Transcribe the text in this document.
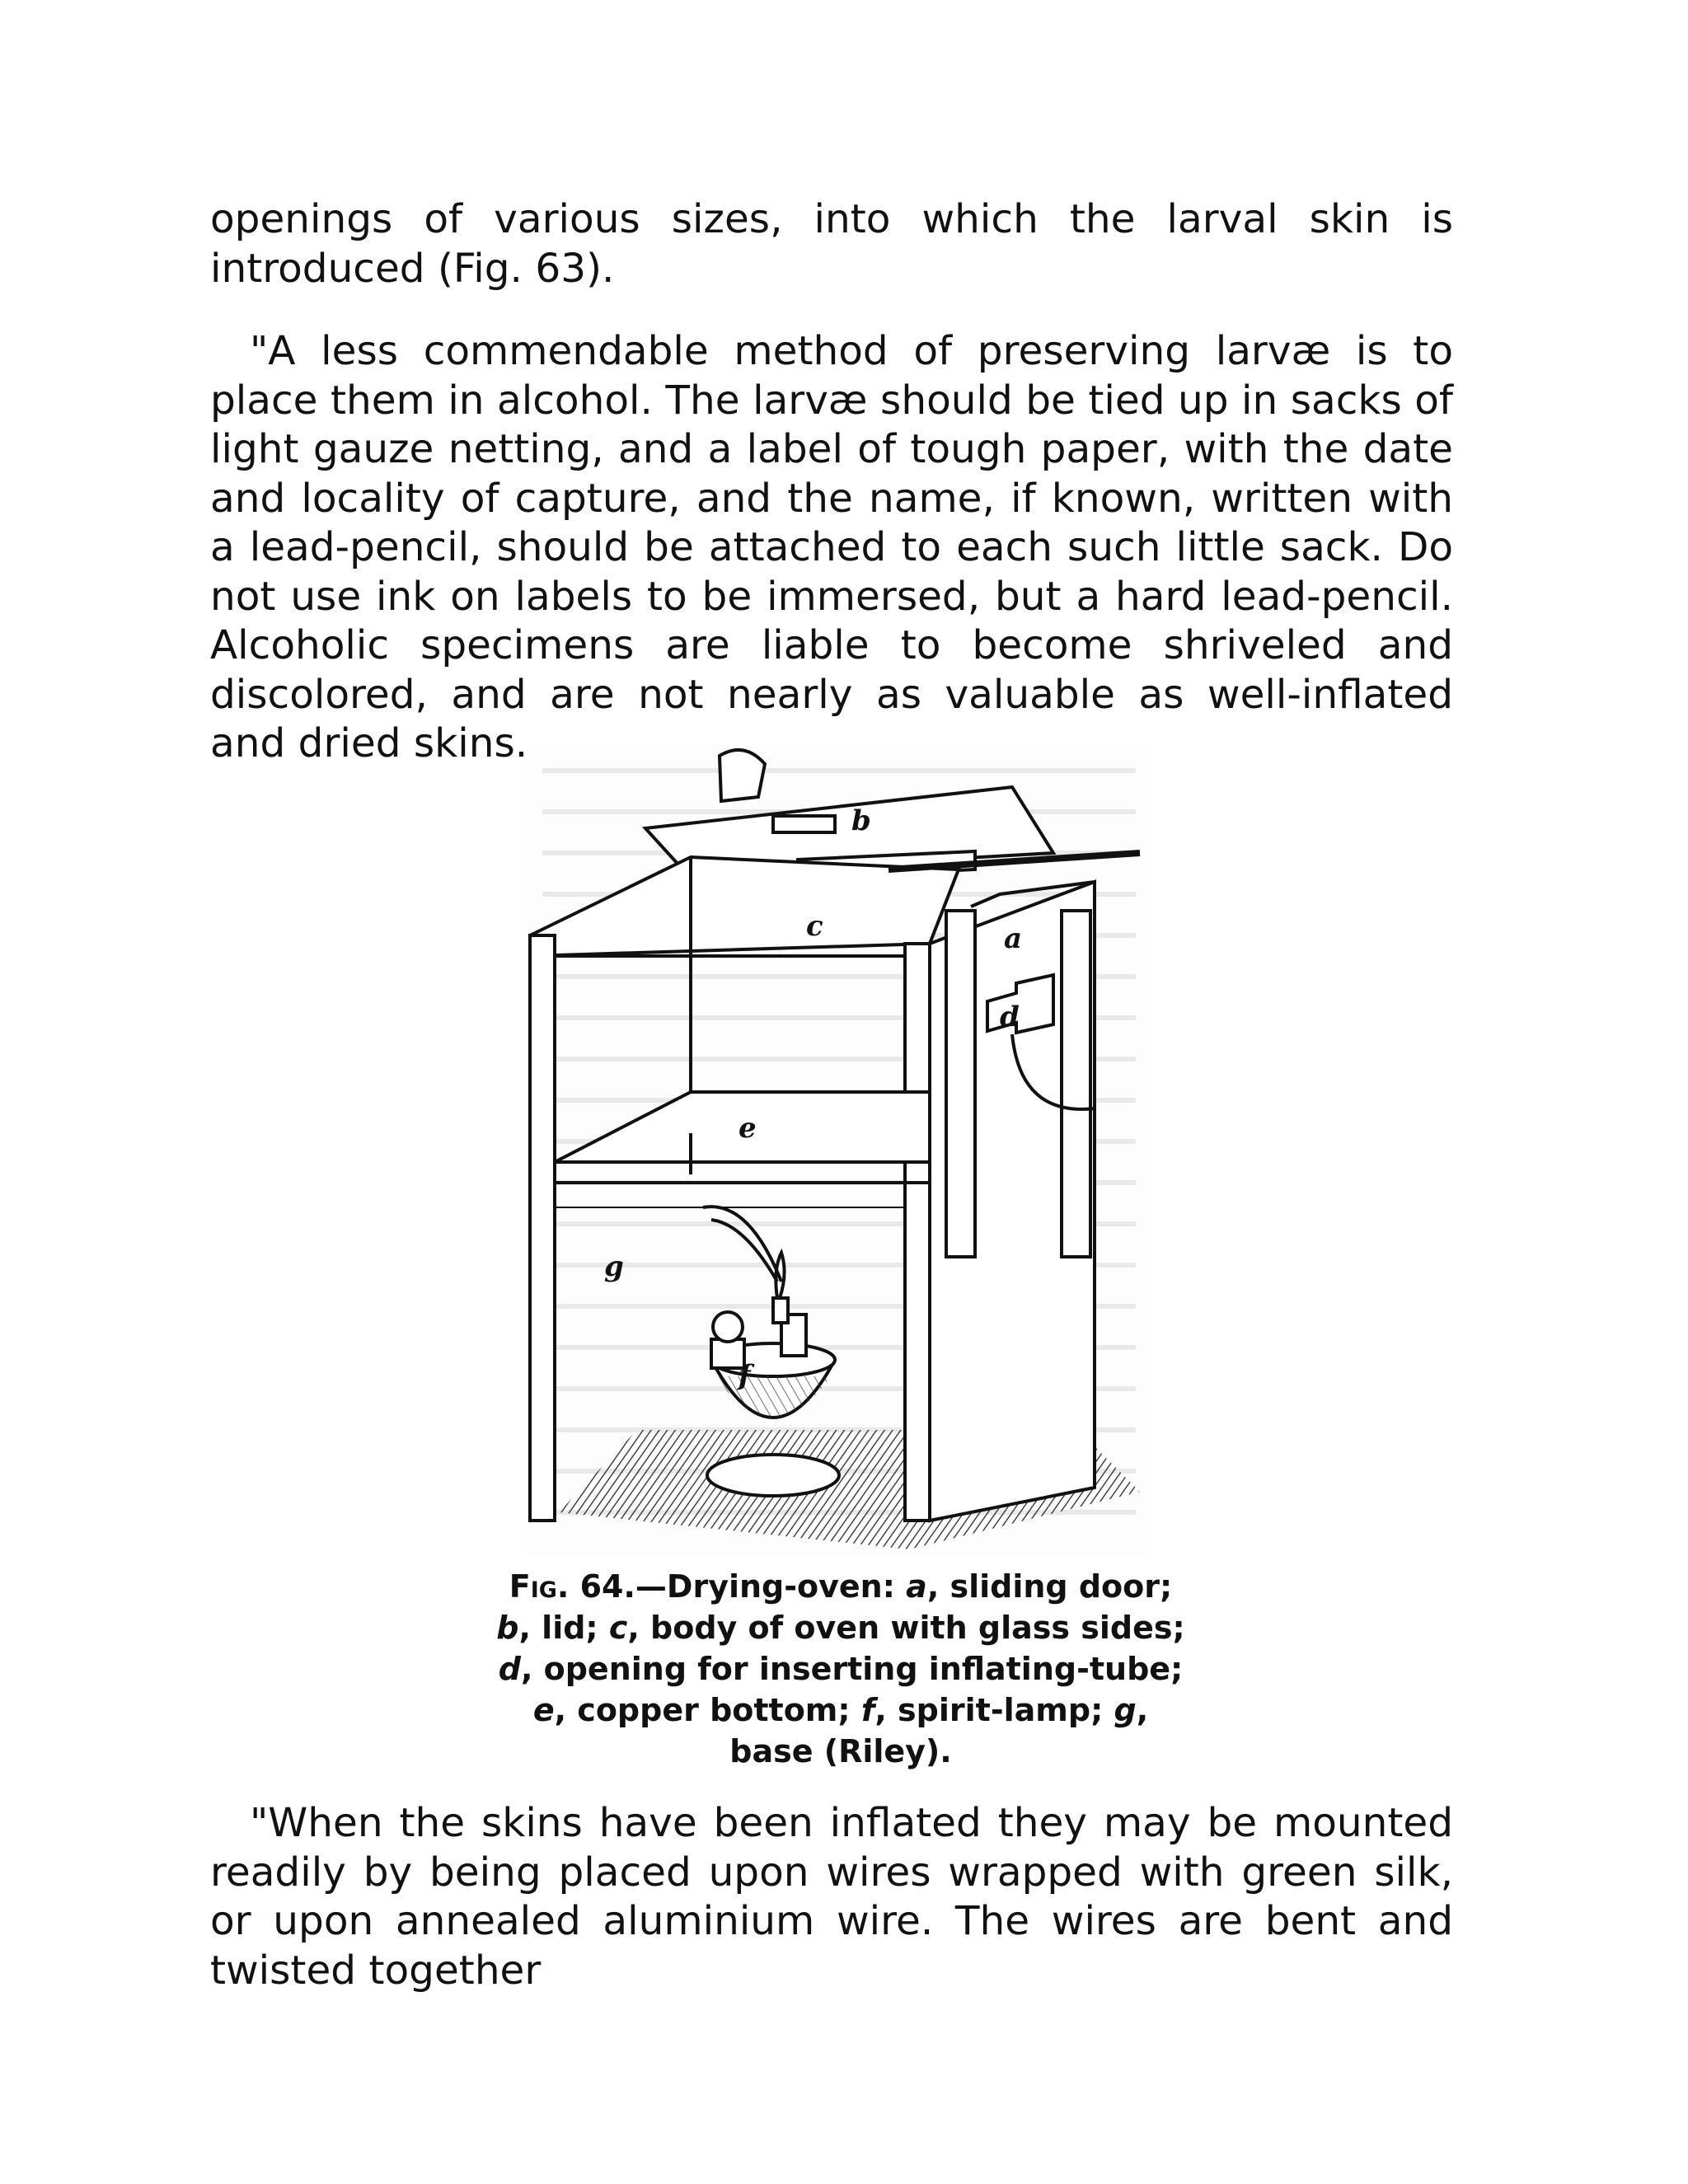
openings of various sizes, into which the larval skin is introduced (Fig. 63).

"A less commendable method of preserving larvæ is to place them in alcohol. The larvæ should be tied up in sacks of light gauze netting, and a label of tough paper, with the date and locality of capture, and the name, if known, written with a lead-pencil, should be attached to each such little sack. Do not use ink on labels to be immersed, but a hard lead-pencil. Alcoholic specimens are liable to become shriveled and discolored, and are not nearly as valuable as well-inflated and dried skins.

b
a
c
d
e
g
f

Fig. 64.—Drying-oven: a, sliding door; b, lid; c, body of oven with glass sides; d, opening for inserting inflating-tube; e, copper bottom; f, spirit-lamp; g, base (Riley).

"When the skins have been inflated they may be mounted readily by being placed upon wires wrapped with green silk, or upon annealed aluminium wire. The wires are bent and twisted together
